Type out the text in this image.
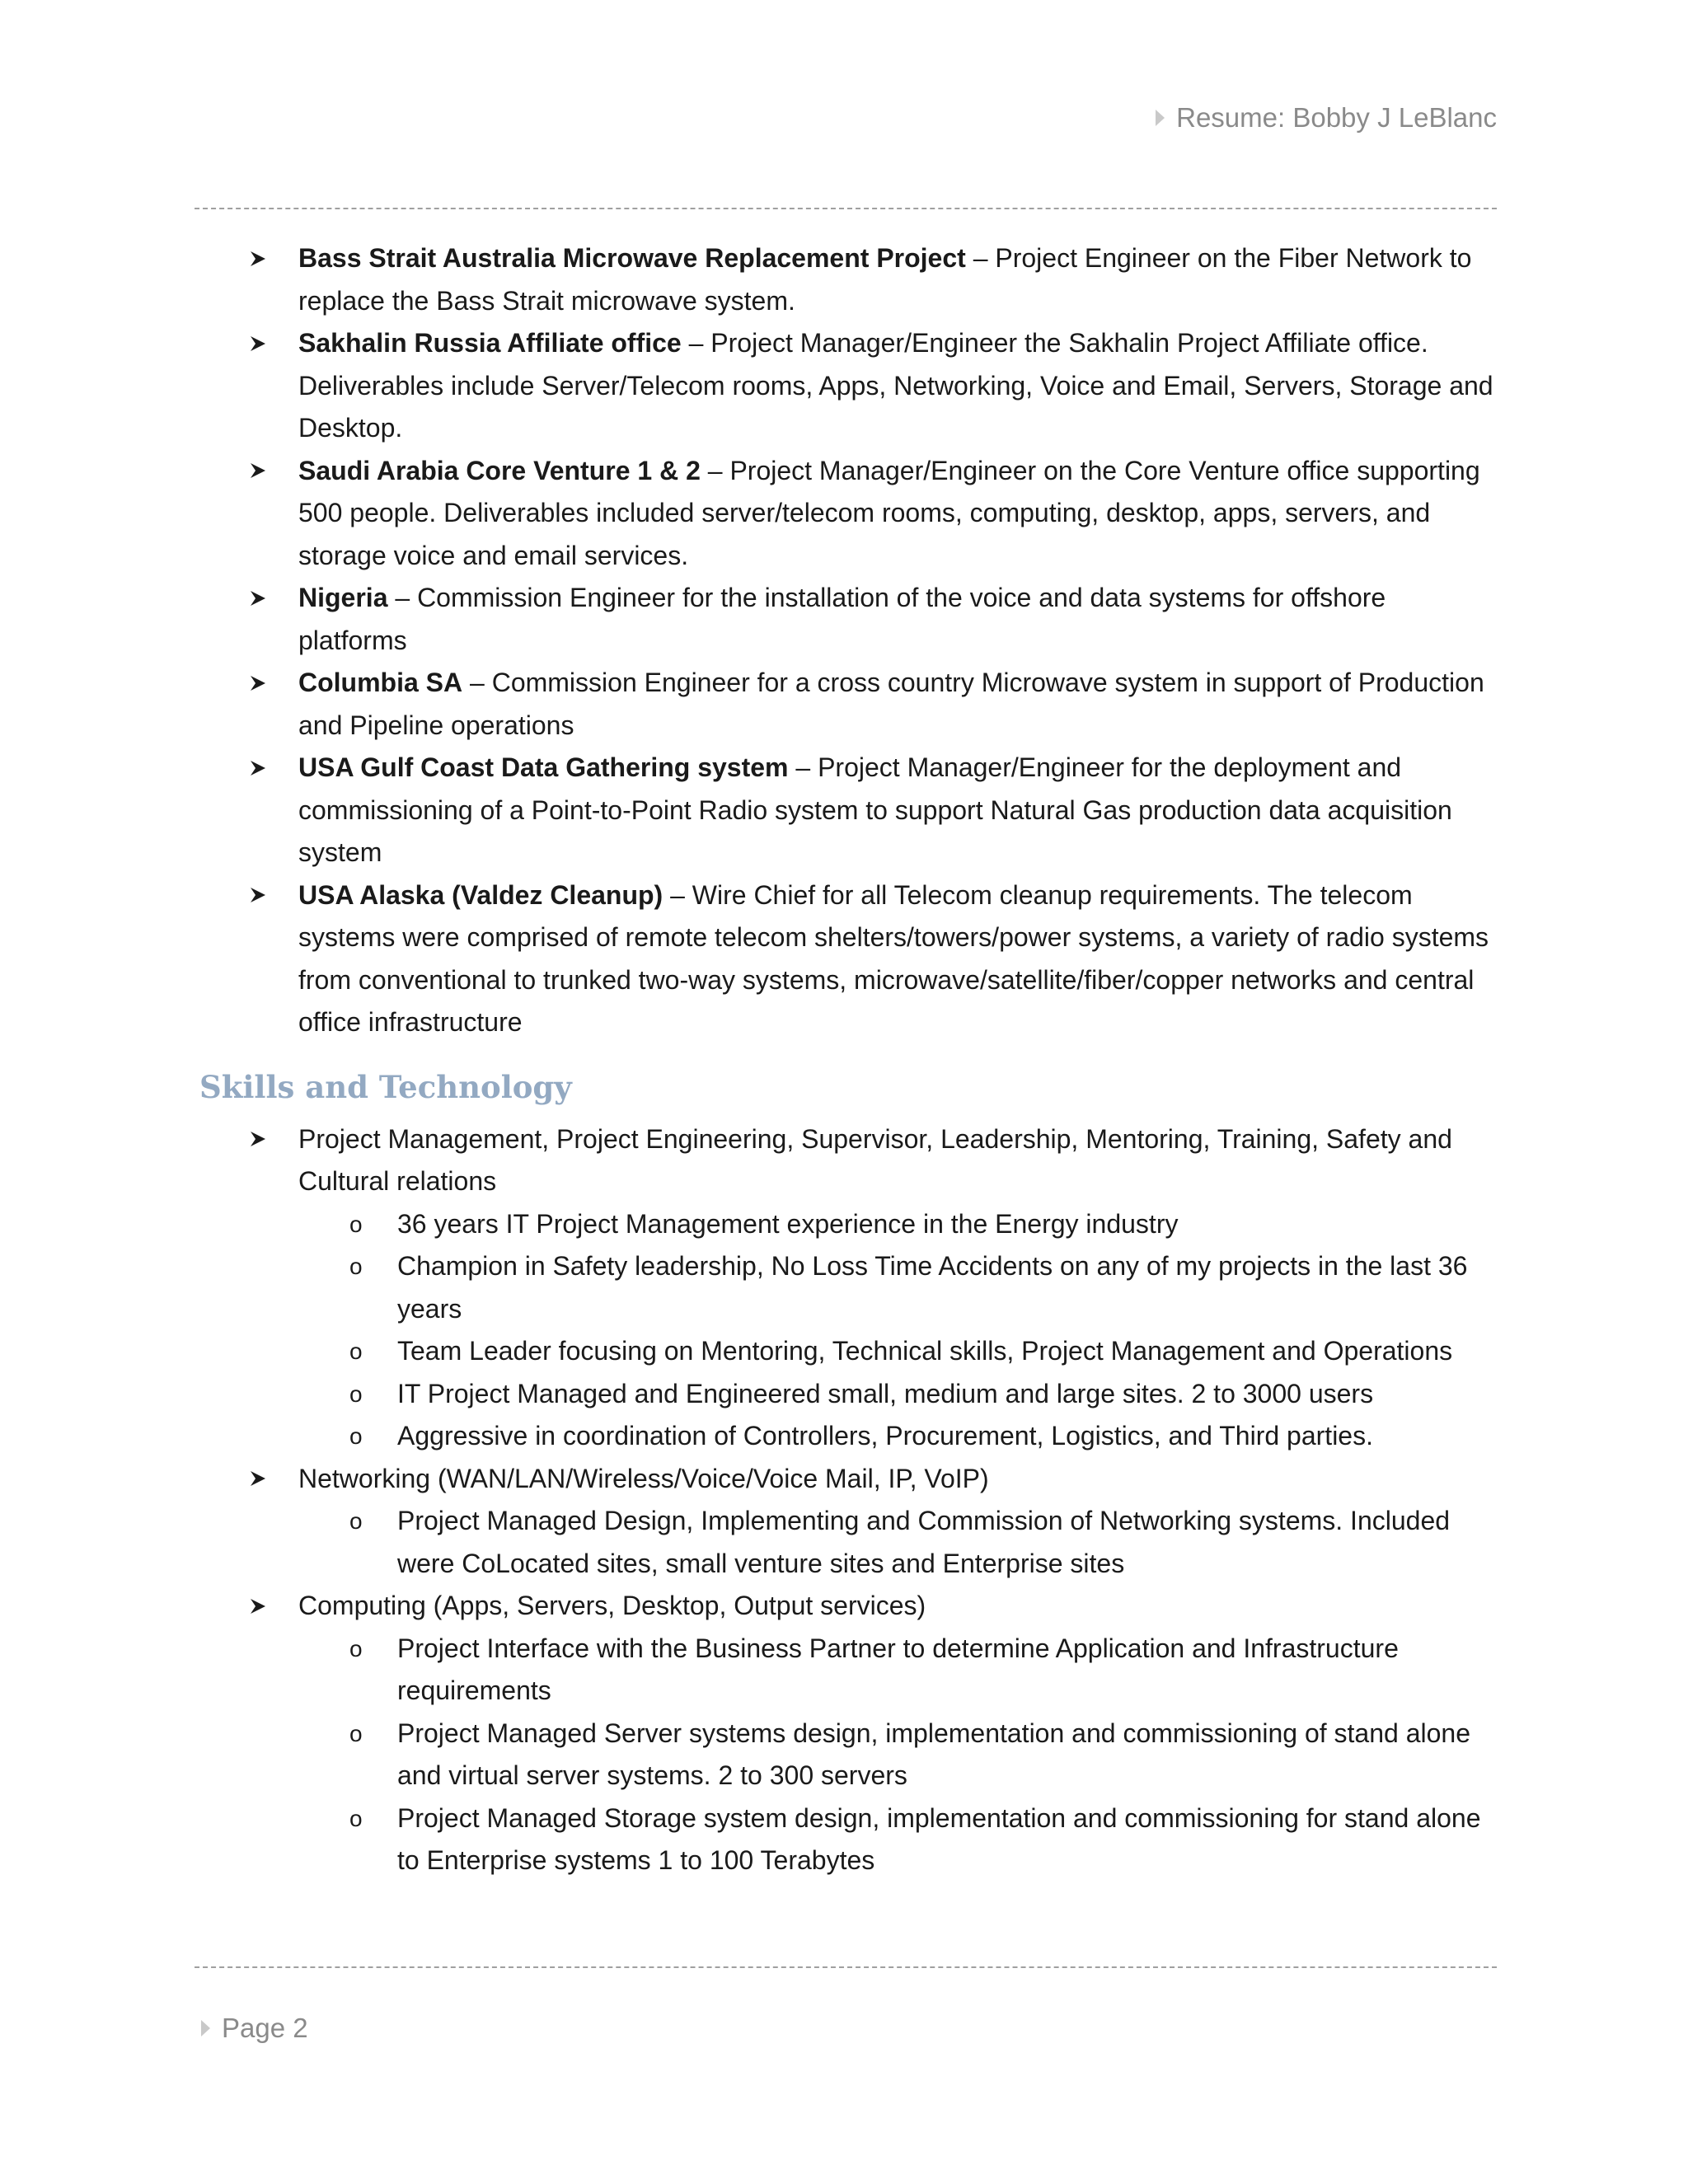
Resume: Bobby J LeBlanc
Bass Strait Australia Microwave Replacement Project – Project Engineer on the Fiber Network to replace the Bass Strait microwave system.
Sakhalin Russia Affiliate office – Project Manager/Engineer the Sakhalin Project Affiliate office. Deliverables include Server/Telecom rooms, Apps, Networking, Voice and Email, Servers, Storage and Desktop.
Saudi Arabia Core Venture 1 & 2 – Project Manager/Engineer on the Core Venture office supporting 500 people. Deliverables included server/telecom rooms, computing, desktop, apps, servers, and storage voice and email services.
Nigeria – Commission Engineer for the installation of the voice and data systems for offshore platforms
Columbia SA – Commission Engineer for a cross country Microwave system in support of Production and Pipeline operations
USA Gulf Coast Data Gathering system – Project Manager/Engineer for the deployment and commissioning of a Point-to-Point Radio system to support Natural Gas production data acquisition system
USA Alaska (Valdez Cleanup) – Wire Chief for all Telecom cleanup requirements. The telecom systems were comprised of remote telecom shelters/towers/power systems, a variety of radio systems from conventional to trunked two-way systems, microwave/satellite/fiber/copper networks and central office infrastructure
Skills and Technology
Project Management, Project Engineering, Supervisor, Leadership, Mentoring, Training, Safety and Cultural relations
o 36 years IT Project Management experience in the Energy industry
o Champion in Safety leadership, No Loss Time Accidents on any of my projects in the last 36 years
o Team Leader focusing on Mentoring, Technical skills, Project Management and Operations
o IT Project Managed and Engineered small, medium and large sites. 2 to 3000 users
o Aggressive in coordination of Controllers, Procurement, Logistics, and Third parties.
Networking (WAN/LAN/Wireless/Voice/Voice Mail, IP, VoIP)
o Project Managed Design, Implementing and Commission of Networking systems. Included were CoLocated sites, small venture sites and Enterprise sites
Computing (Apps, Servers, Desktop, Output services)
o Project Interface with the Business Partner to determine Application and Infrastructure requirements
o Project Managed Server systems design, implementation and commissioning of stand alone and virtual server systems. 2 to 300 servers
o Project Managed Storage system design, implementation and commissioning for stand alone to Enterprise systems 1 to 100 Terabytes
Page 2
